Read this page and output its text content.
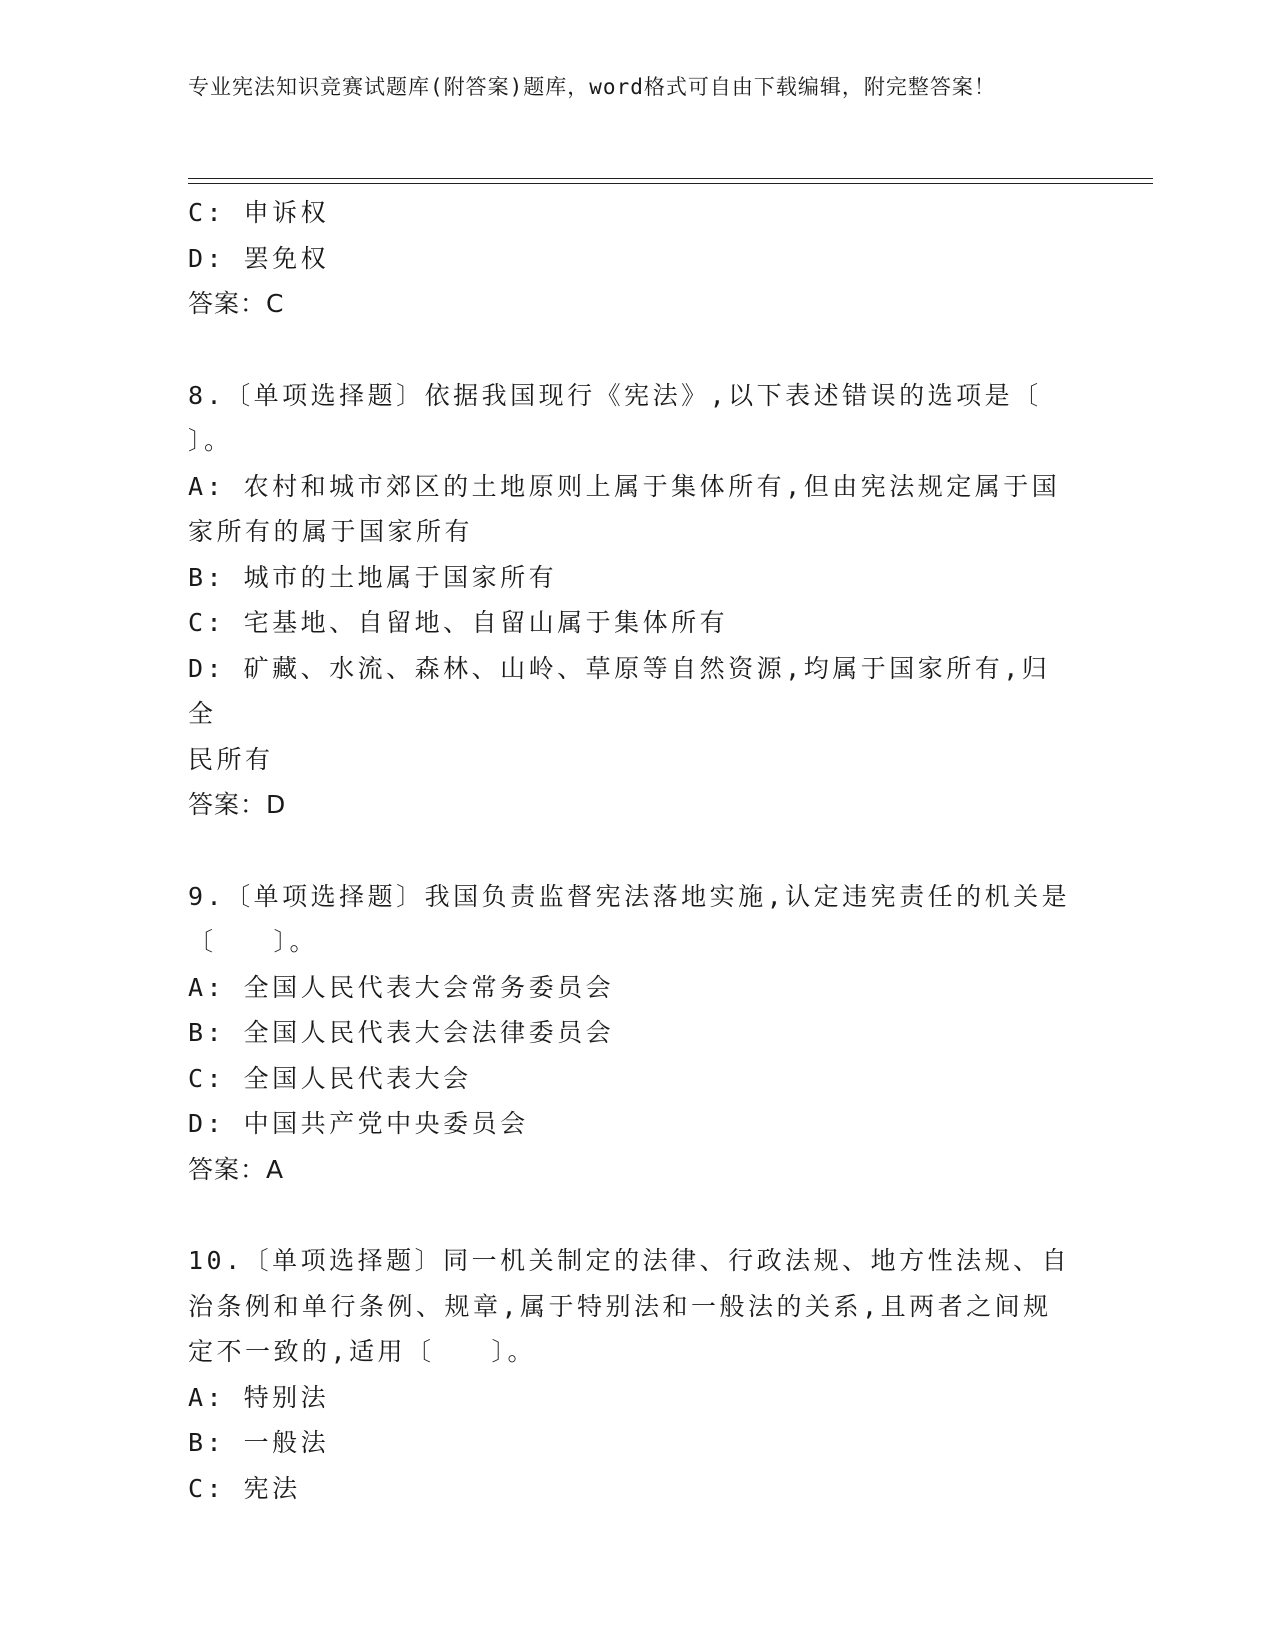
专业宪法知识竞赛试题库(附答案)题库，word格式可自由下载编辑，附完整答案！

C: 申诉权

D: 罢免权

答案：C

8.〔单项选择题〕依据我国现行《宪法》,以下表述错误的选项是〔

〕。

A: 农村和城市郊区的土地原则上属于集体所有,但由宪法规定属于国

家所有的属于国家所有

B: 城市的土地属于国家所有

C: 宅基地、自留地、自留山属于集体所有

D: 矿藏、水流、森林、山岭、草原等自然资源,均属于国家所有,归全

民所有

答案：D

9.〔单项选择题〕我国负责监督宪法落地实施,认定违宪责任的机关是

〔　　〕。

A: 全国人民代表大会常务委员会

B: 全国人民代表大会法律委员会

C: 全国人民代表大会

D: 中国共产党中央委员会

答案：A

10.〔单项选择题〕同一机关制定的法律、行政法规、地方性法规、自

治条例和单行条例、规章,属于特别法和一般法的关系,且两者之间规

定不一致的,适用〔　　〕。

A: 特别法

B: 一般法

C: 宪法
